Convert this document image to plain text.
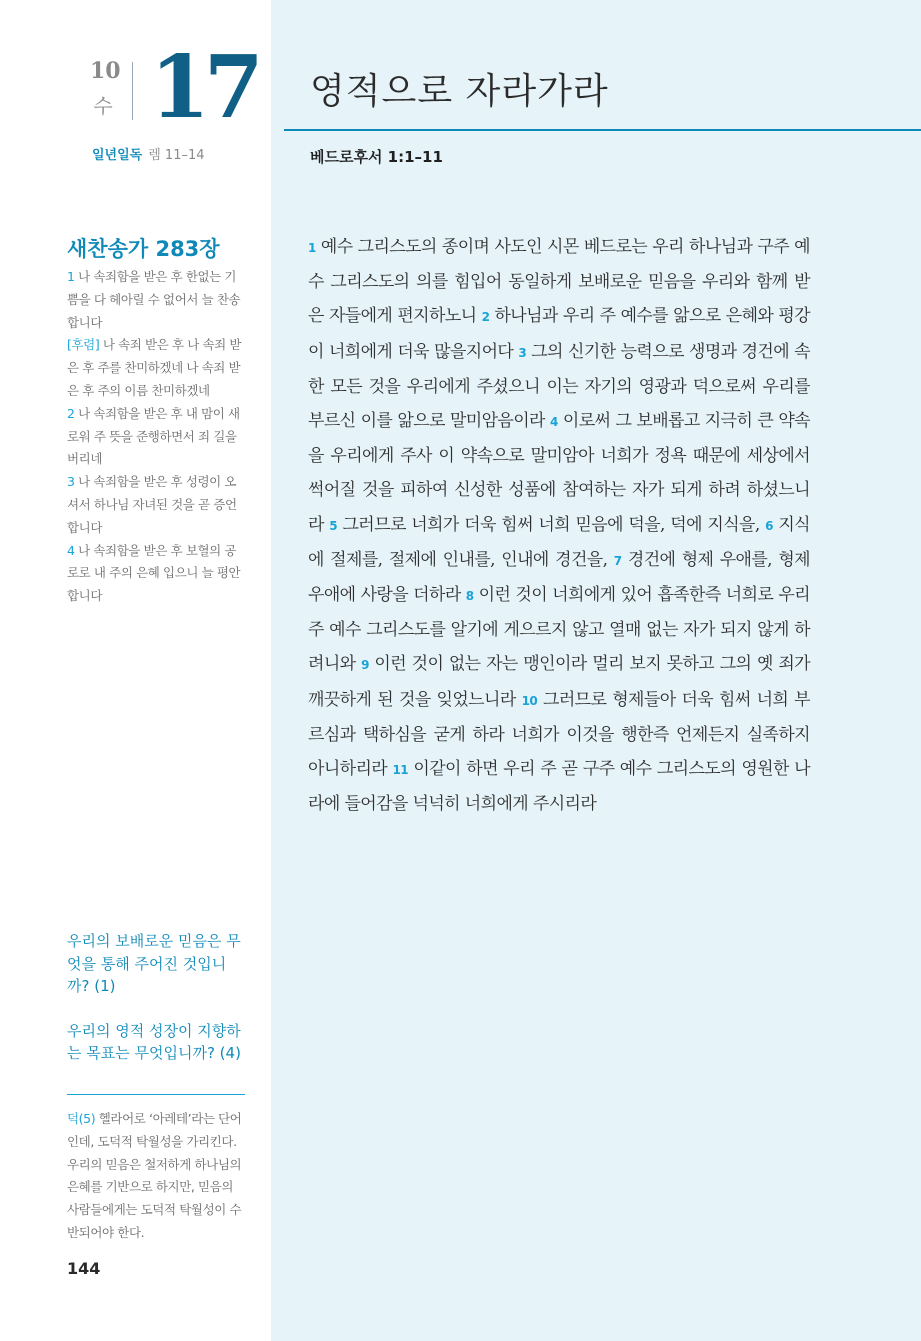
10
수 17
일년일독 렘 11–14
새찬송가 283장

1 나 속죄함을 받은 후 한없는 기쁨을 다 헤아릴 수 없어서 늘 찬송합니다

[후렴] 나 속죄 받은 후 나 속죄 받은 후 주를 찬미하겠네 나 속죄 받은 후 주의 이름 찬미하겠네

2 나 속죄함을 받은 후 내 맘이 새로워 주 뜻을 준행하면서 죄 길을 버리네

3 나 속죄함을 받은 후 성령이 오셔서 하나님 자녀된 것을 곧 증언합니다

4 나 속죄함을 받은 후 보혈의 공로로 내 주의 은혜 입으니 늘 평안합니다

우리의 보배로운 믿음은 무엇을 통해 주어진 것입니까? (1)

우리의 영적 성장이 지향하는 목표는 무엇입니까? (4)

덕(5) 헬라어로 ‘아레테’라는 단어인데, 도덕적 탁월성을 가리킨다. 우리의 믿음은 철저하게 하나님의 은혜를 기반으로 하지만, 믿음의 사람들에게는 도덕적 탁월성이 수반되어야 한다.
144
영적으로 자라가라
베드로후서 1:1–11

1 예수 그리스도의 종이며 사도인 시몬 베드로는 우리 하나님과 구주 예수 그리스도의 의를 힘입어 동일하게 보배로운 믿음을 우리와 함께 받은 자들에게 편지하노니 2 하나님과 우리 주 예수를 앎으로 은혜와 평강이 너희에게 더욱 많을지어다 3 그의 신기한 능력으로 생명과 경건에 속한 모든 것을 우리에게 주셨으니 이는 자기의 영광과 덕으로써 우리를 부르신 이를 앎으로 말미암음이라 4 이로써 그 보배롭고 지극히 큰 약속을 우리에게 주사 이 약속으로 말미암아 너희가 정욕 때문에 세상에서 썩어질 것을 피하여 신성한 성품에 참여하는 자가 되게 하려 하셨느니라 5 그러므로 너희가 더욱 힘써 너희 믿음에 덕을, 덕에 지식을, 6 지식에 절제를, 절제에 인내를, 인내에 경건을, 7 경건에 형제 우애를, 형제 우애에 사랑을 더하라 8 이런 것이 너희에게 있어 흡족한즉 너희로 우리 주 예수 그리스도를 알기에 게으르지 않고 열매 없는 자가 되지 않게 하려니와 9 이런 것이 없는 자는 맹인이라 멀리 보지 못하고 그의 옛 죄가 깨끗하게 된 것을 잊었느니라 10 그러므로 형제들아 더욱 힘써 너희 부르심과 택하심을 굳게 하라 너희가 이것을 행한즉 언제든지 실족하지 아니하리라 11 이같이 하면 우리 주 곧 구주 예수 그리스도의 영원한 나라에 들어감을 넉넉히 너희에게 주시리라
